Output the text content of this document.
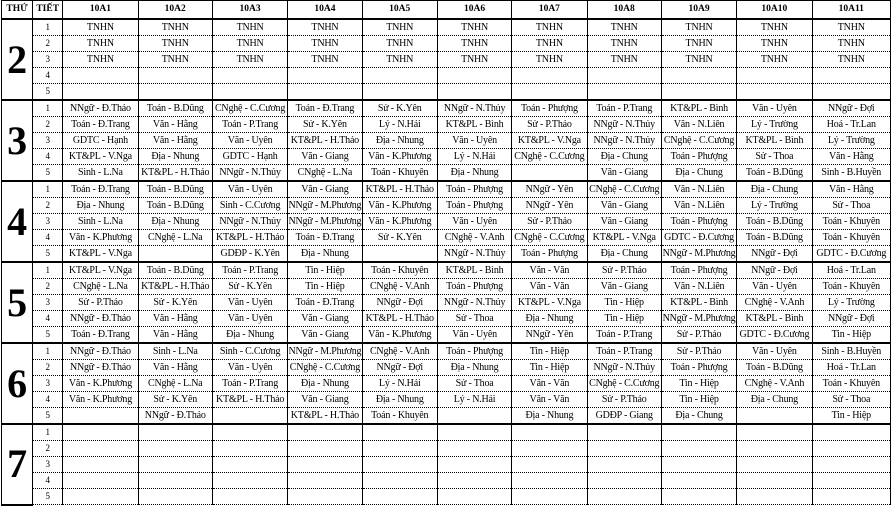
THỨ	TIẾT	10A1	10A2	10A3	10A4	10A5	10A6	10A7	10A8	10A9	10A10	10A11
2	1	TNHN	TNHN	TNHN	TNHN	TNHN	TNHN	TNHN	TNHN	TNHN	TNHN	TNHN
	2	TNHN	TNHN	TNHN	TNHN	TNHN	TNHN	TNHN	TNHN	TNHN	TNHN	TNHN
	3	TNHN	TNHN	TNHN	TNHN	TNHN	TNHN	TNHN	TNHN	TNHN	TNHN	TNHN
	4											
	5											
3	1	NNgữ - Đ.Thảo	Toán - B.Dũng	CNghệ - C.Cương	Toán - Đ.Trang	Sử - K.Yên	NNgữ - N.Thủy	Toán - Phượng	Toán - P.Trang	KT&PL - Bình	Văn - Uyên	NNgữ - Đợi
	2	Toán - Đ.Trang	Văn - Hằng	Toán - P.Trang	Sử - K.Yên	Lý - N.Hải	KT&PL - Bình	Sử - P.Thảo	NNgữ - N.Thủy	Văn - N.Liên	Lý - Trường	Hoá - Tr.Lan
	3	GDTC - Hạnh	Văn - Hằng	Văn - Uyên	KT&PL - H.Thảo	Địa - Nhung	Văn - Uyên	KT&PL - V.Nga	NNgữ - N.Thủy	CNghệ - C.Cương	KT&PL - Bình	Lý - Trường
	4	KT&PL - V.Nga	Địa - Nhung	GDTC - Hạnh	Văn - Giang	Văn - K.Phương	Lý - N.Hải	CNghệ - C.Cương	Địa - Chung	Toán - Phượng	Sử - Thoa	Văn - Hằng
	5	Sinh - L.Na	KT&PL - H.Thảo	NNgữ - N.Thủy	CNghệ - L.Na	Toán - Khuyên	Địa - Nhung		Văn - Giang	Địa - Chung	Toán - B.Dũng	Sinh - B.Huyền
4	1	Toán - Đ.Trang	Toán - B.Dũng	Văn - Uyên	Văn - Giang	KT&PL - H.Thảo	Toán - Phượng	NNgữ - Yên	CNghệ - C.Cương	Văn - N.Liên	Địa - Chung	Văn - Hằng
	2	Địa - Nhung	Toán - B.Dũng	Sinh - C.Cương	NNgữ - M.Phương	Văn - K.Phương	Toán - Phượng	NNgữ - Yên	Văn - Giang	Văn - N.Liên	Lý - Trường	Sử - Thoa
	3	Sinh - L.Na	Địa - Nhung	NNgữ - N.Thủy	NNgữ - M.Phương	Văn - K.Phương	Văn - Uyên	Sử - P.Thảo	Văn - Giang	Toán - Phượng	Toán - B.Dũng	Toán - Khuyên
	4	Văn - K.Phương	CNghệ - L.Na	KT&PL - H.Thảo	Toán - Đ.Trang	Sử - K.Yên	CNghệ - V.Anh	CNghệ - C.Cương	KT&PL - V.Nga	GDTC - Đ.Cương	Toán - B.Dũng	Toán - Khuyên
	5	KT&PL - V.Nga		GDĐP - K.Yên	Địa - Nhung		NNgữ - N.Thủy	Toán - Phượng	Địa - Chung	NNgữ - M.Phương	NNgữ - Đợi	GDTC - Đ.Cương
5	1	KT&PL - V.Nga	Toán - B.Dũng	Toán - P.Trang	Tin - Hiệp	Toán - Khuyên	KT&PL - Bình	Văn - Văn	Sử - P.Thảo	Toán - Phượng	NNgữ - Đợi	Hoá - Tr.Lan
	2	CNghệ - L.Na	KT&PL - H.Thảo	Sử - K.Yên	Tin - Hiệp	CNghệ - V.Anh	Toán - Phượng	Văn - Văn	Văn - Giang	Văn - N.Liên	Văn - Uyên	Toán - Khuyên
	3	Sử - P.Thảo	Sử - K.Yên	Văn - Uyên	Toán - Đ.Trang	NNgữ - Đợi	NNgữ - N.Thủy	KT&PL - V.Nga	Tin - Hiệp	KT&PL - Bình	CNghệ - V.Anh	Lý - Trường
	4	NNgữ - Đ.Thảo	Văn - Hằng	Văn - Uyên	Văn - Giang	KT&PL - H.Thảo	Sử - Thoa	Địa - Nhung	Tin - Hiệp	NNgữ - M.Phương	KT&PL - Bình	NNgữ - Đợi
	5	Toán - Đ.Trang	Văn - Hằng	Địa - Nhung	Văn - Giang	Văn - K.Phương	Văn - Uyên	NNgữ - Yên	Toán - P.Trang	Sử - P.Thảo	GDTC - Đ.Cương	Tin - Hiệp
6	1	NNgữ - Đ.Thảo	Sinh - L.Na	Sinh - C.Cương	NNgữ - M.Phương	CNghệ - V.Anh	Toán - Phượng	Tin - Hiệp	Toán - P.Trang	Sử - P.Thảo	Văn - Uyên	Sinh - B.Huyền
	2	NNgữ - Đ.Thảo	Văn - Hằng	Văn - Uyên	CNghệ - C.Cương	NNgữ - Đợi	Địa - Nhung	Tin - Hiệp	NNgữ - N.Thủy	Toán - Phượng	Toán - B.Dũng	Hoá - Tr.Lan
	3	Văn - K.Phương	CNghệ - L.Na	Toán - P.Trang	Địa - Nhung	Lý - N.Hải	Sử - Thoa	Văn - Văn	CNghệ - C.Cương	Tin - Hiệp	CNghệ - V.Anh	Toán - Khuyên
	4	Văn - K.Phương	Sử - K.Yên	KT&PL - H.Thảo	Văn - Giang	Địa - Nhung	Lý - N.Hải	Văn - Văn	Sử - P.Thảo	Tin - Hiệp	Địa - Chung	Sử - Thoa
	5		NNgữ - Đ.Thảo		KT&PL - H.Thảo	Toán - Khuyên		Địa - Nhung	GDĐP - Giang	Địa - Chung		Tin - Hiệp
7	1											
	2											
	3											
	4											
	5											
